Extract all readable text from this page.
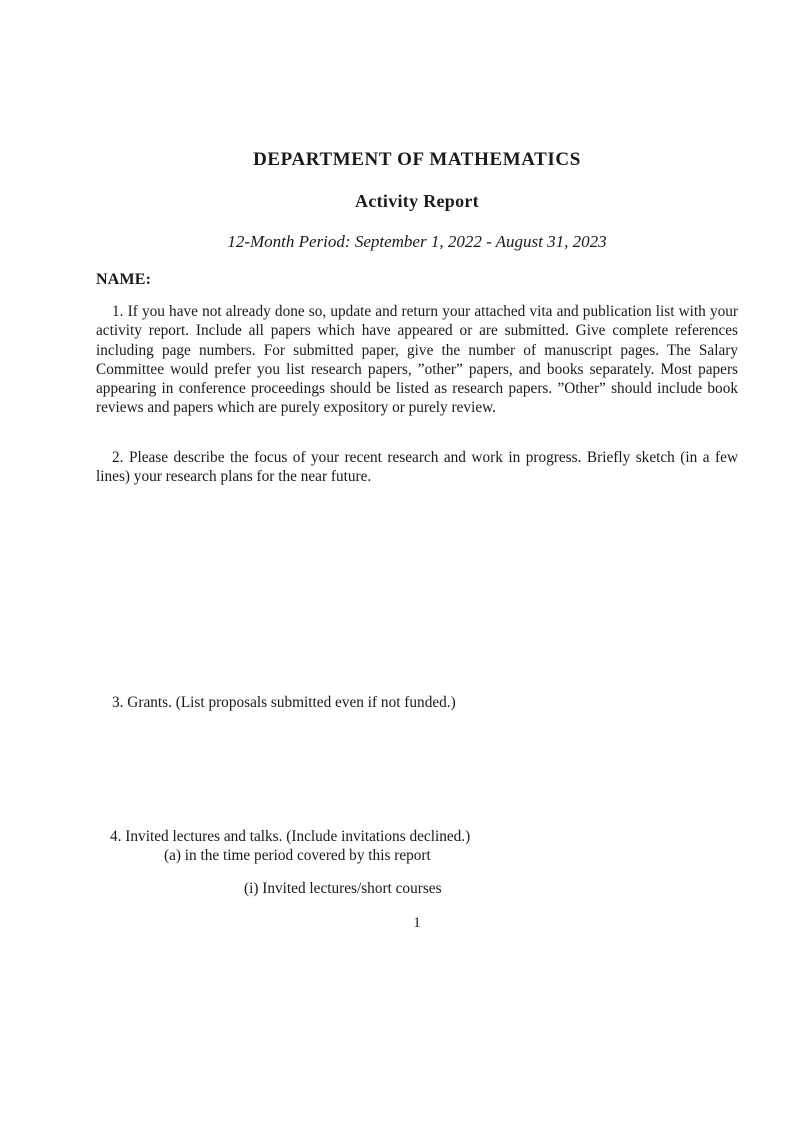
DEPARTMENT OF MATHEMATICS
Activity Report
12-Month Period: September 1, 2022 - August 31, 2023
NAME:

1. If you have not already done so, update and return your attached vita and publication list with your activity report. Include all papers which have appeared or are submitted. Give complete references including page numbers. For submitted paper, give the number of manuscript pages. The Salary Committee would prefer you list research papers, ”other” papers, and books separately. Most papers appearing in conference proceedings should be listed as research papers. ”Other” should include book reviews and papers which are purely expository or purely review.

2. Please describe the focus of your recent research and work in progress. Briefly sketch (in a few lines) your research plans for the near future.

3. Grants. (List proposals submitted even if not funded.)
4. Invited lectures and talks. (Include invitations declined.)
(a) in the time period covered by this report
(i) Invited lectures/short courses
1
